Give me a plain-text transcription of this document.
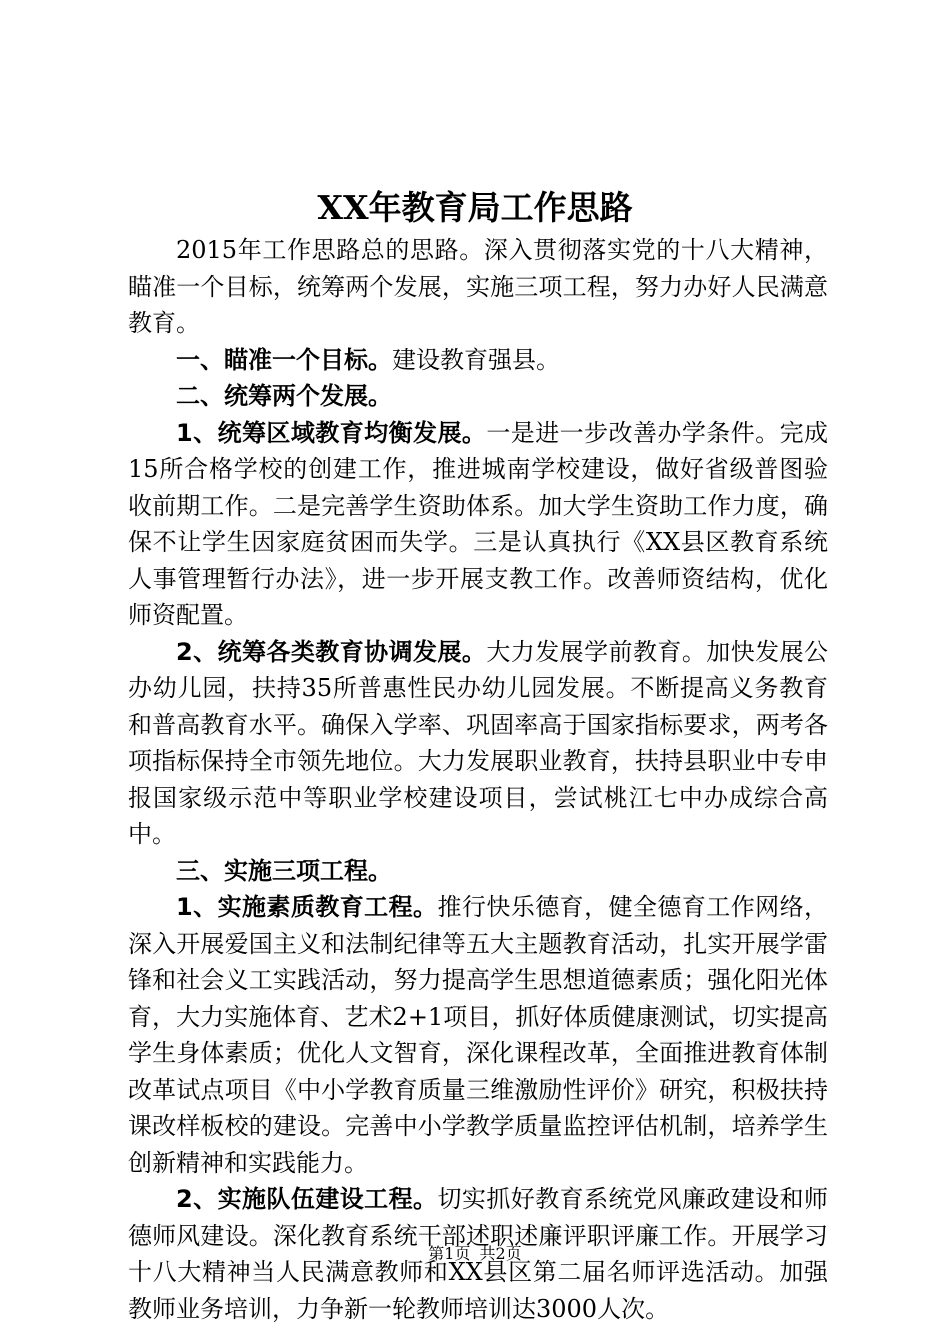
XX年教育局工作思路

2015年工作思路总的思路。深入贯彻落实党的十八大精神，瞄准一个目标，统筹两个发展，实施三项工程，努力办好人民满意教育。

一、瞄准一个目标。建设教育强县。

二、统筹两个发展。

1、统筹区域教育均衡发展。一是进一步改善办学条件。完成15所合格学校的创建工作，推进城南学校建设，做好省级普图验收前期工作。二是完善学生资助体系。加大学生资助工作力度，确保不让学生因家庭贫困而失学。三是认真执行《XX县区教育系统人事管理暂行办法》，进一步开展支教工作。改善师资结构，优化师资配置。

2、统筹各类教育协调发展。大力发展学前教育。加快发展公办幼儿园，扶持35所普惠性民办幼儿园发展。不断提高义务教育和普高教育水平。确保入学率、巩固率高于国家指标要求，两考各项指标保持全市领先地位。大力发展职业教育，扶持县职业中专申报国家级示范中等职业学校建设项目，尝试桃江七中办成综合高中。

三、实施三项工程。

1、实施素质教育工程。推行快乐德育，健全德育工作网络，深入开展爱国主义和法制纪律等五大主题教育活动，扎实开展学雷锋和社会义工实践活动，努力提高学生思想道德素质；强化阳光体育，大力实施体育、艺术2+1项目，抓好体质健康测试，切实提高学生身体素质；优化人文智育，深化课程改革，全面推进教育体制改革试点项目《中小学教育质量三维激励性评价》研究，积极扶持课改样板校的建设。完善中小学教学质量监控评估机制，培养学生创新精神和实践能力。

2、实施队伍建设工程。切实抓好教育系统党风廉政建设和师德师风建设。深化教育系统干部述职述廉评职评廉工作。开展学习十八大精神当人民满意教师和XX县区第二届名师评选活动。加强教师业务培训，力争新一轮教师培训达3000人次。

第1页 共2页
